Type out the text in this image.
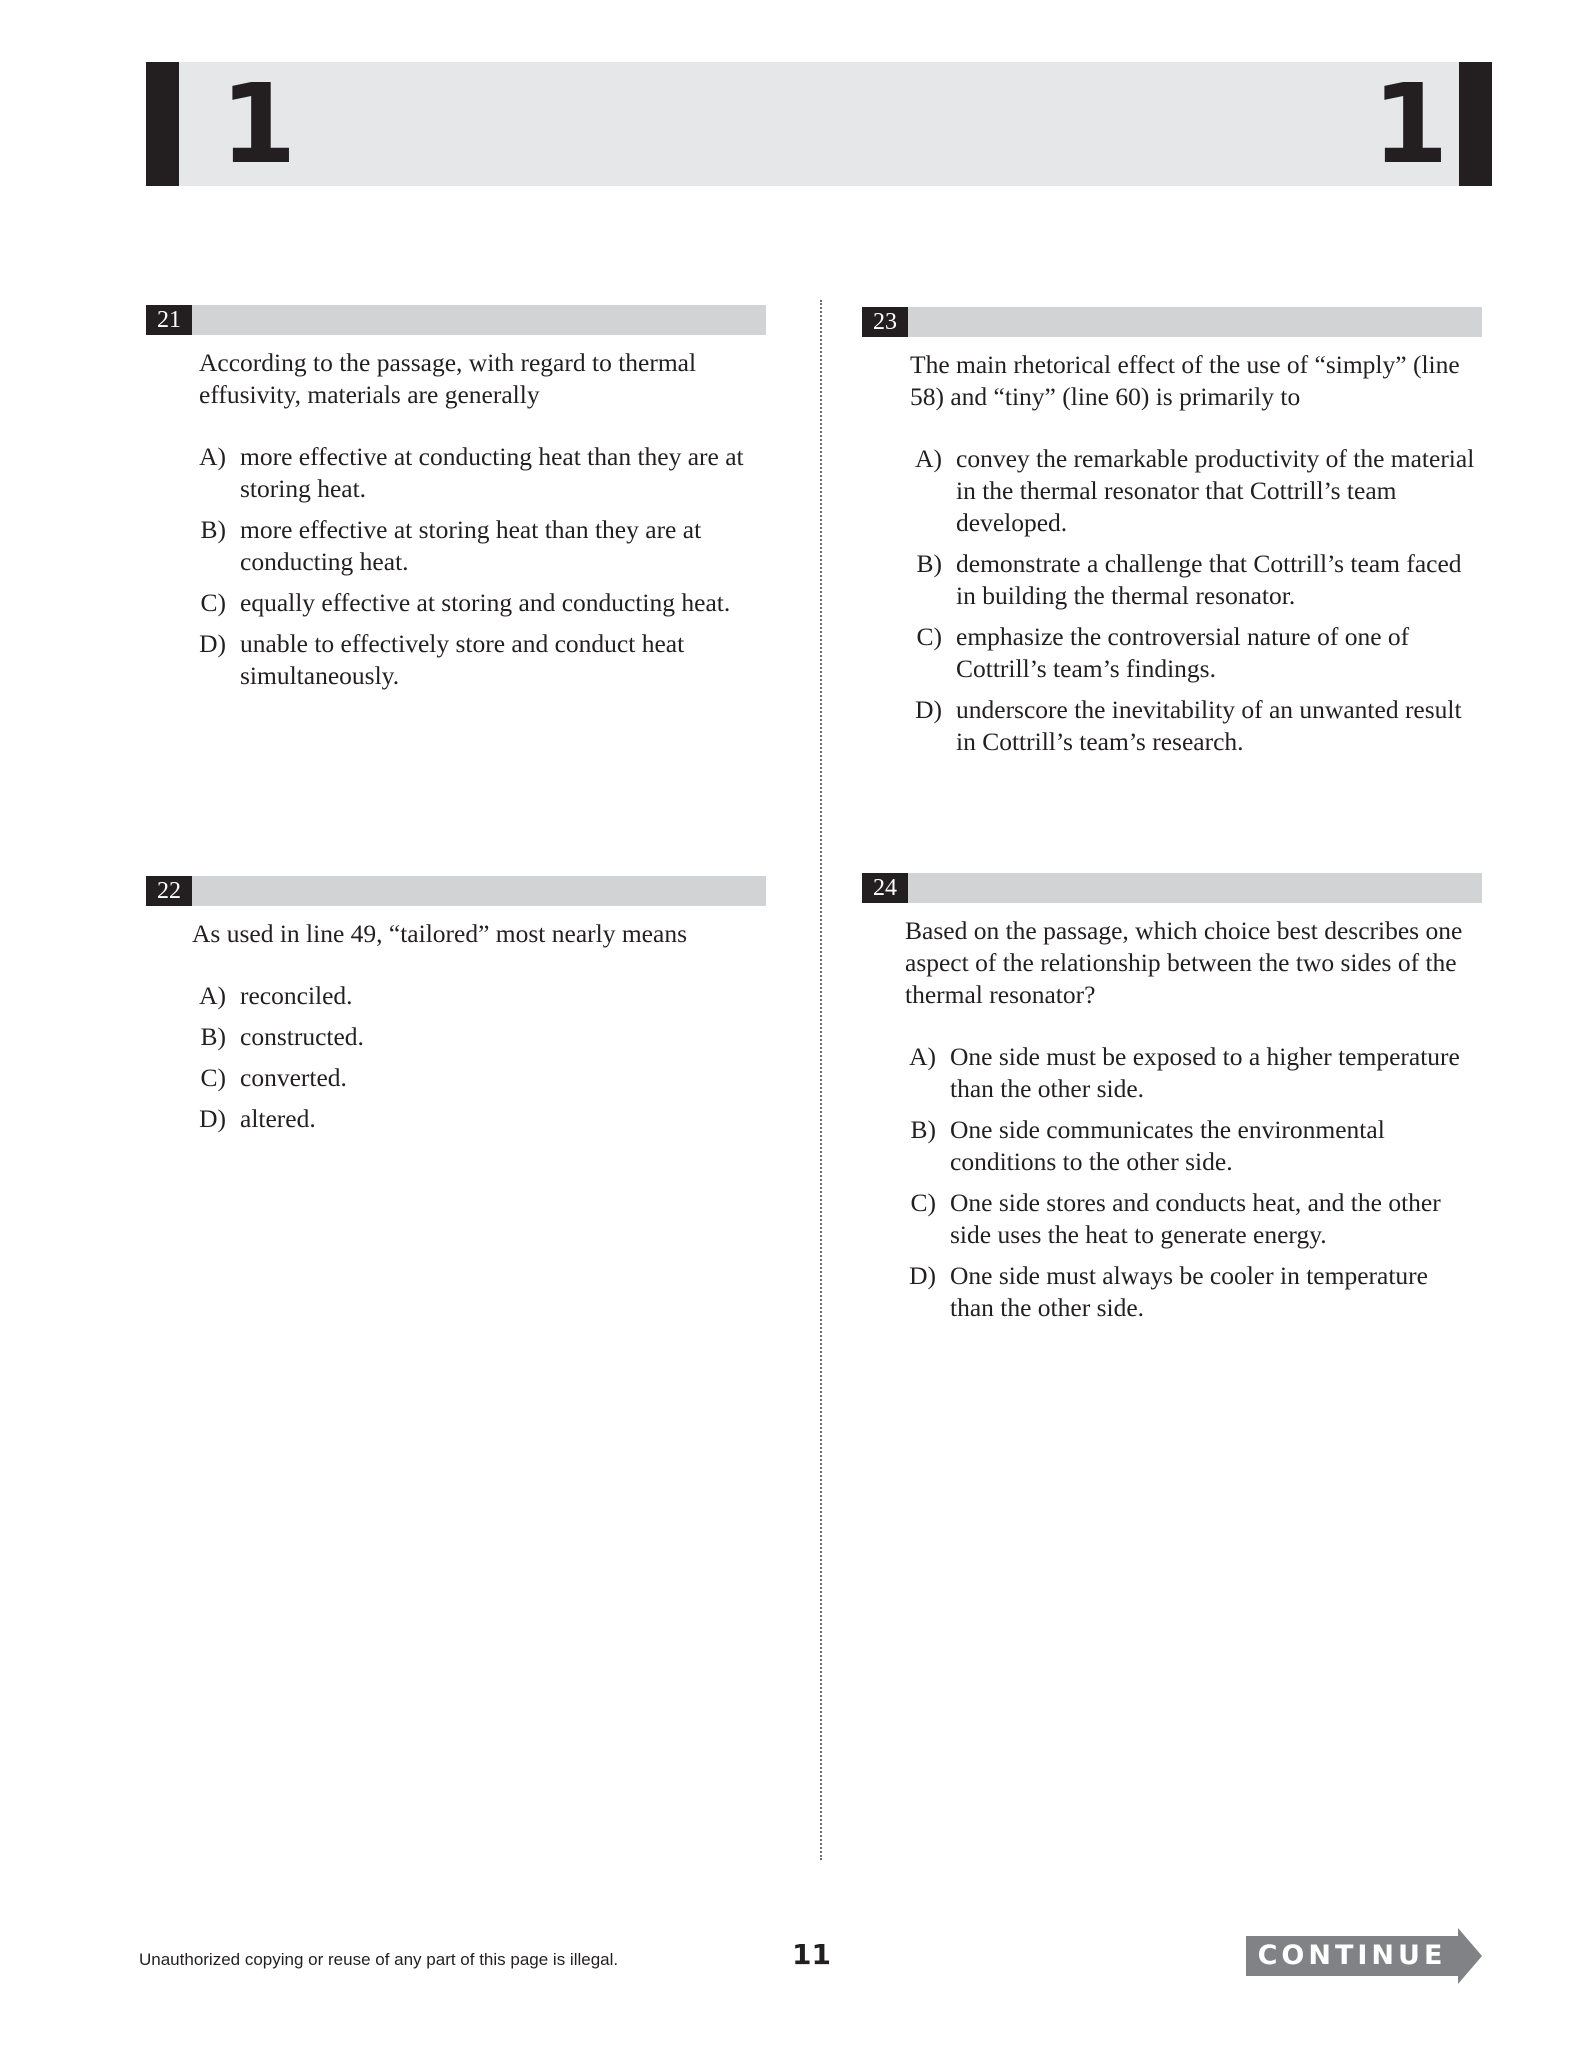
1	1
21
According to the passage, with regard to thermal effusivity, materials are generally
A) more effective at conducting heat than they are at storing heat.
B) more effective at storing heat than they are at conducting heat.
C) equally effective at storing and conducting heat.
D) unable to effectively store and conduct heat simultaneously.
22
As used in line 49, “tailored” most nearly means
A) reconciled.
B) constructed.
C) converted.
D) altered.
23
The main rhetorical effect of the use of “simply” (line 58) and “tiny” (line 60) is primarily to
A) convey the remarkable productivity of the material in the thermal resonator that Cottrill’s team developed.
B) demonstrate a challenge that Cottrill’s team faced in building the thermal resonator.
C) emphasize the controversial nature of one of Cottrill’s team’s findings.
D) underscore the inevitability of an unwanted result in Cottrill’s team’s research.
24
Based on the passage, which choice best describes one aspect of the relationship between the two sides of the thermal resonator?
A) One side must be exposed to a higher temperature than the other side.
B) One side communicates the environmental conditions to the other side.
C) One side stores and conducts heat, and the other side uses the heat to generate energy.
D) One side must always be cooler in temperature than the other side.
Unauthorized copying or reuse of any part of this page is illegal.	11	CONTINUE
